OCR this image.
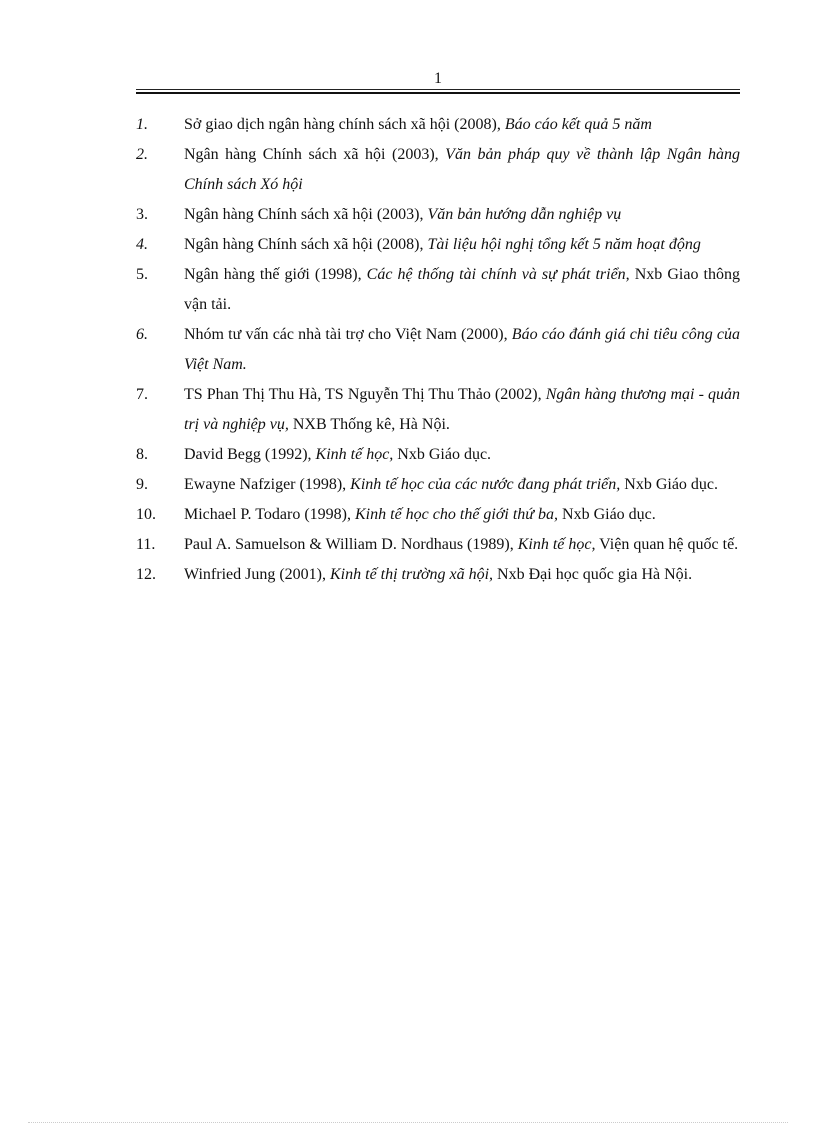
1
1.	Sở giao dịch ngân hàng chính sách xã hội (2008), Báo cáo kết quả 5 năm
2.	Ngân hàng Chính sách xã hội (2003), Văn bản pháp quy về thành lập Ngân hàng Chính sách Xó hội
3.	Ngân hàng Chính sách xã hội (2003), Văn bản hướng dẫn nghiệp vụ
4.	Ngân hàng Chính sách xã hội (2008), Tài liệu hội nghị tổng kết 5 năm hoạt động
5.	Ngân hàng thế giới (1998), Các hệ thống tài chính và sự phát triển, Nxb Giao thông vận tải.
6.	Nhóm tư vấn các nhà tài trợ cho Việt Nam (2000), Báo cáo đánh giá chi tiêu công của Việt Nam.
7.	TS Phan Thị Thu Hà, TS Nguyễn Thị Thu Thảo (2002), Ngân hàng thương mại - quản trị và nghiệp vụ, NXB Thống kê, Hà Nội.
8.	David Begg (1992), Kinh tế học, Nxb Giáo dục.
9.	Ewayne Nafziger (1998), Kinh tế học của các nước đang phát triển, Nxb Giáo dục.
10.	Michael P. Todaro (1998), Kinh tế học cho thế giới thứ ba, Nxb Giáo dục.
11.	Paul A. Samuelson & William D. Nordhaus (1989), Kinh tế học, Viện quan hệ quốc tế.
12.	Winfried Jung (2001), Kinh tế thị trường xã hội, Nxb Đại học quốc gia Hà Nội.
